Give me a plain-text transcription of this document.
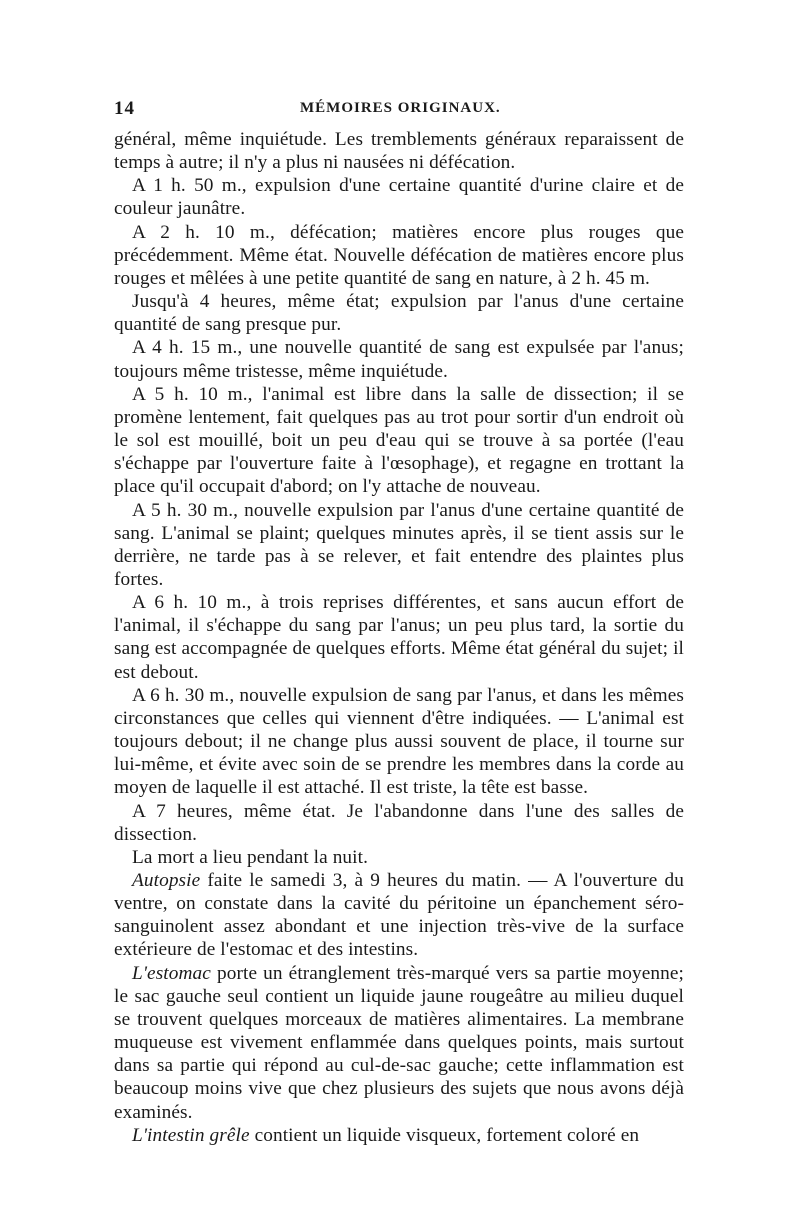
14	MÉMOIRES ORIGINAUX.

général, même inquiétude. Les tremblements généraux reparaissent de temps à autre; il n'y a plus ni nausées ni défécation.

A 1 h. 50 m., expulsion d'une certaine quantité d'urine claire et de couleur jaunâtre.

A 2 h. 10 m., défécation; matières encore plus rouges que précédemment. Même état. Nouvelle défécation de matières encore plus rouges et mêlées à une petite quantité de sang en nature, à 2 h. 45 m.

Jusqu'à 4 heures, même état; expulsion par l'anus d'une certaine quantité de sang presque pur.

A 4 h. 15 m., une nouvelle quantité de sang est expulsée par l'anus; toujours même tristesse, même inquiétude.

A 5 h. 10 m., l'animal est libre dans la salle de dissection; il se promène lentement, fait quelques pas au trot pour sortir d'un endroit où le sol est mouillé, boit un peu d'eau qui se trouve à sa portée (l'eau s'échappe par l'ouverture faite à l'œsophage), et regagne en trottant la place qu'il occupait d'abord; on l'y attache de nouveau.

A 5 h. 30 m., nouvelle expulsion par l'anus d'une certaine quantité de sang. L'animal se plaint; quelques minutes après, il se tient assis sur le derrière, ne tarde pas à se relever, et fait entendre des plaintes plus fortes.

A 6 h. 10 m., à trois reprises différentes, et sans aucun effort de l'animal, il s'échappe du sang par l'anus; un peu plus tard, la sortie du sang est accompagnée de quelques efforts. Même état général du sujet; il est debout.

A 6 h. 30 m., nouvelle expulsion de sang par l'anus, et dans les mêmes circonstances que celles qui viennent d'être indiquées. — L'animal est toujours debout; il ne change plus aussi souvent de place, il tourne sur lui-même, et évite avec soin de se prendre les membres dans la corde au moyen de laquelle il est attaché. Il est triste, la tête est basse.

A 7 heures, même état. Je l'abandonne dans l'une des salles de dissection.

La mort a lieu pendant la nuit.

Autopsie faite le samedi 3, à 9 heures du matin. — A l'ouverture du ventre, on constate dans la cavité du péritoine un épanchement séro-sanguinolent assez abondant et une injection très-vive de la surface extérieure de l'estomac et des intestins.

L'estomac porte un étranglement très-marqué vers sa partie moyenne; le sac gauche seul contient un liquide jaune rougeâtre au milieu duquel se trouvent quelques morceaux de matières alimentaires. La membrane muqueuse est vivement enflammée dans quelques points, mais surtout dans sa partie qui répond au cul-de-sac gauche; cette inflammation est beaucoup moins vive que chez plusieurs des sujets que nous avons déjà examinés.

L'intestin grêle contient un liquide visqueux, fortement coloré en
